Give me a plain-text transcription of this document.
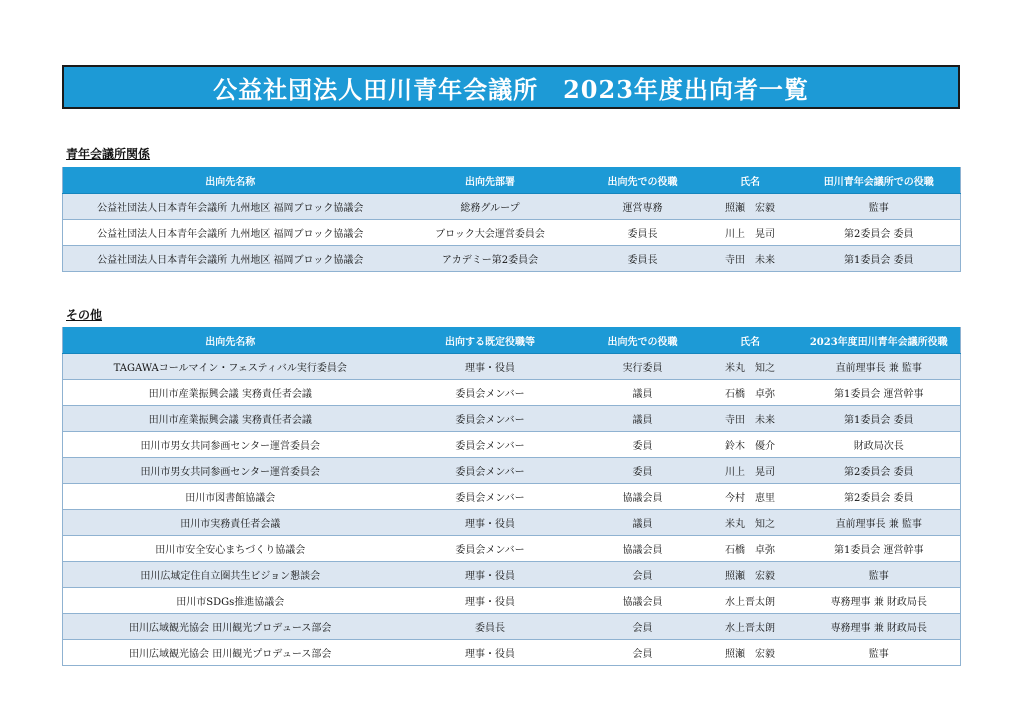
公益社団法人田川青年会議所　2023年度出向者一覧
青年会議所関係
出向先名称	出向先部署	出向先での役職	氏名	田川青年会議所での役職
公益社団法人日本青年会議所 九州地区 福岡ブロック協議会	総務グループ	運営専務	照瀬　宏毅	監事
公益社団法人日本青年会議所 九州地区 福岡ブロック協議会	ブロック大会運営委員会	委員長	川上　晃司	第2委員会 委員
公益社団法人日本青年会議所 九州地区 福岡ブロック協議会	アカデミー第2委員会	委員長	寺田　未来	第1委員会 委員
その他
出向先名称	出向する既定役職等	出向先での役職	氏名	2023年度田川青年会議所役職
TAGAWAコールマイン・フェスティバル実行委員会	理事・役員	実行委員	米丸　知之	直前理事長 兼 監事
田川市産業振興会議 実務責任者会議	委員会メンバー	議員	石橋　卓弥	第1委員会 運営幹事
田川市産業振興会議 実務責任者会議	委員会メンバー	議員	寺田　未来	第1委員会 委員
田川市男女共同参画センター運営委員会	委員会メンバー	委員	鈴木　優介	財政局次長
田川市男女共同参画センター運営委員会	委員会メンバー	委員	川上　晃司	第2委員会 委員
田川市図書館協議会	委員会メンバー	協議会員	今村　恵里	第2委員会 委員
田川市実務責任者会議	理事・役員	議員	米丸　知之	直前理事長 兼 監事
田川市安全安心まちづくり協議会	委員会メンバー	協議会員	石橋　卓弥	第1委員会 運営幹事
田川広域定住自立圏共生ビジョン懇談会	理事・役員	会員	照瀬　宏毅	監事
田川市SDGs推進協議会	理事・役員	協議会員	水上晋太朗	専務理事 兼 財政局長
田川広域観光協会 田川観光プロデュース部会	委員長	会員	水上晋太朗	専務理事 兼 財政局長
田川広域観光協会 田川観光プロデュース部会	理事・役員	会員	照瀬　宏毅	監事
